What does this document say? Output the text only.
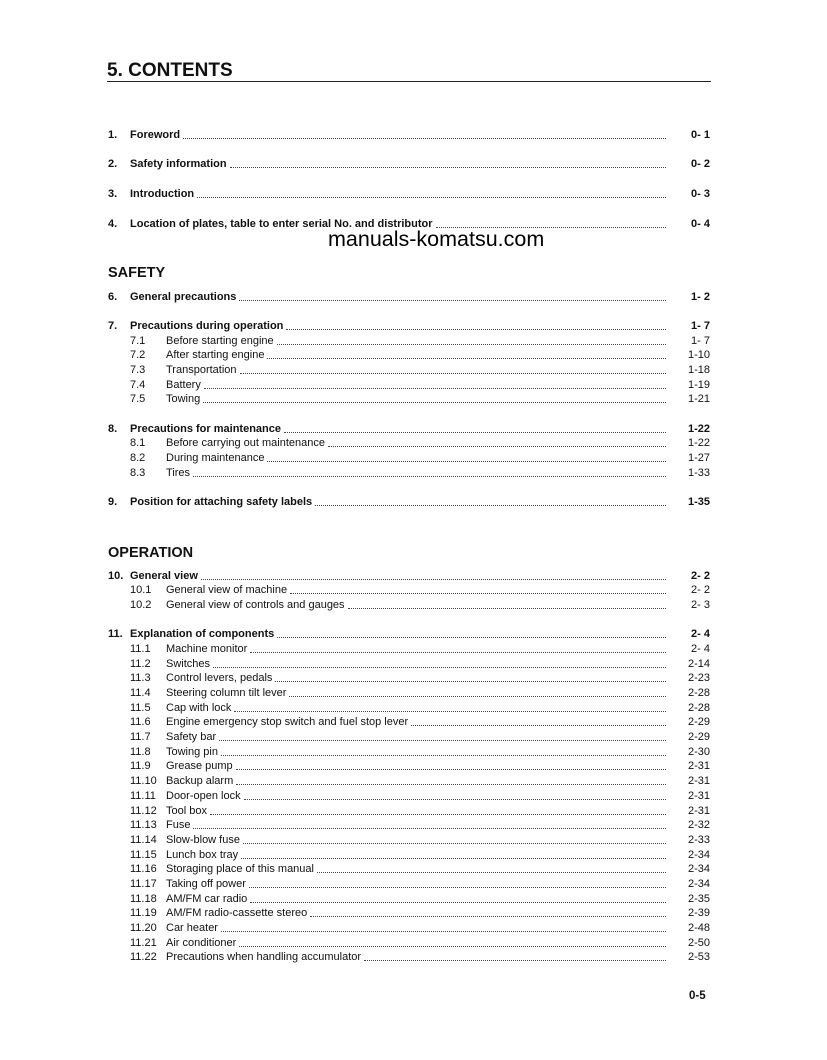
5. CONTENTS
1.	Foreword	0- 1
2.	Safety information	0- 2
3.	Introduction	0- 3
4.	Location of plates, table to enter serial No. and distributor	0- 4
manuals-komatsu.com
SAFETY
6.	General precautions	1- 2
7.	Precautions during operation	1- 7
7.1	Before starting engine	1- 7
7.2	After starting engine	1-10
7.3	Transportation	1-18
7.4	Battery	1-19
7.5	Towing	1-21
8.	Precautions for maintenance	1-22
8.1	Before carrying out maintenance	1-22
8.2	During maintenance	1-27
8.3	Tires	1-33
9.	Position for attaching safety labels	1-35
OPERATION
10. General view	2- 2
10.1	General view of machine	2- 2
10.2	General view of controls and gauges	2- 3
11. Explanation of components	2- 4
11.1	Machine monitor	2- 4
11.2	Switches	2-14
11.3	Control levers, pedals	2-23
11.4	Steering column tilt lever	2-28
11.5	Cap with lock	2-28
11.6	Engine emergency stop switch and fuel stop lever	2-29
11.7	Safety bar	2-29
11.8	Towing pin	2-30
11.9	Grease pump	2-31
11.10 Backup alarm	2-31
11.11 Door-open lock	2-31
11.12 Tool box	2-31
11.13 Fuse	2-32
11.14 Slow-blow fuse	2-33
11.15 Lunch box tray	2-34
11.16 Storaging place of this manual	2-34
11.17 Taking off power	2-34
11.18 AM/FM car radio	2-35
11.19 AM/FM radio-cassette stereo	2-39
11.20 Car heater	2-48
11.21 Air conditioner	2-50
11.22 Precautions when handling accumulator	2-53
0-5
